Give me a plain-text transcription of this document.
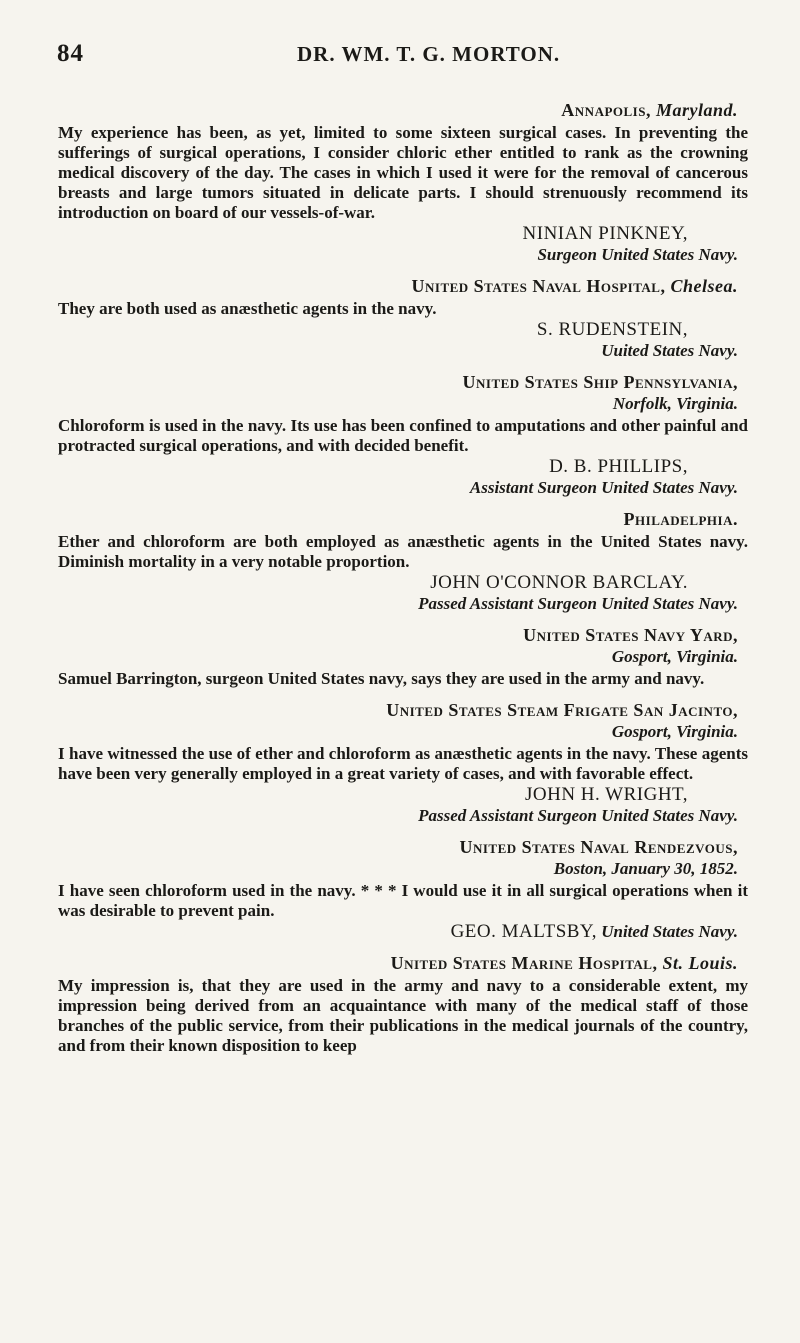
84	DR. WM. T. G. MORTON.
Annapolis, Maryland.

My experience has been, as yet, limited to some sixteen surgical cases. In preventing the sufferings of surgical operations, I consider chloric ether entitled to rank as the crowning medical discovery of the day. The cases in which I used it were for the removal of cancerous breasts and large tumors situated in delicate parts. I should strenuously recommend its introduction on board of our vessels-of-war.

NINIAN PINKNEY,
Surgeon United States Navy.
United States Naval Hospital, Chelsea.

They are both used as anæsthetic agents in the navy.

S. RUDENSTEIN,
Uuited States Navy.
United States Ship Pennsylvania,
Norfolk, Virginia.

Chloroform is used in the navy. Its use has been confined to amputations and other painful and protracted surgical operations, and with decided benefit.

D. B. PHILLIPS,
Assistant Surgeon United States Navy.
Philadelphia.

Ether and chloroform are both employed as anæsthetic agents in the United States navy. Diminish mortality in a very notable proportion.

JOHN O'CONNOR BARCLAY.
Passed Assistant Surgeon United States Navy.
United States Navy Yard,
Gosport, Virginia.

Samuel Barrington, surgeon United States navy, says they are used in the army and navy.

United States Steam Frigate San Jacinto,
Gosport, Virginia.

I have witnessed the use of ether and chloroform as anæsthetic agents in the navy. These agents have been very generally employed in a great variety of cases, and with favorable effect.

JOHN H. WRIGHT,
Passed Assistant Surgeon United States Navy.
United States Naval Rendezvous,
Boston, January 30, 1852.

I have seen chloroform used in the navy. * * * I would use it in all surgical operations when it was desirable to prevent pain.

GEO. MALTSBY, United States Navy.
United States Marine Hospital, St. Louis.

My impression is, that they are used in the army and navy to a considerable extent, my impression being derived from an acquaintance with many of the medical staff of those branches of the public service, from their publications in the medical journals of the country, and from their known disposition to keep
